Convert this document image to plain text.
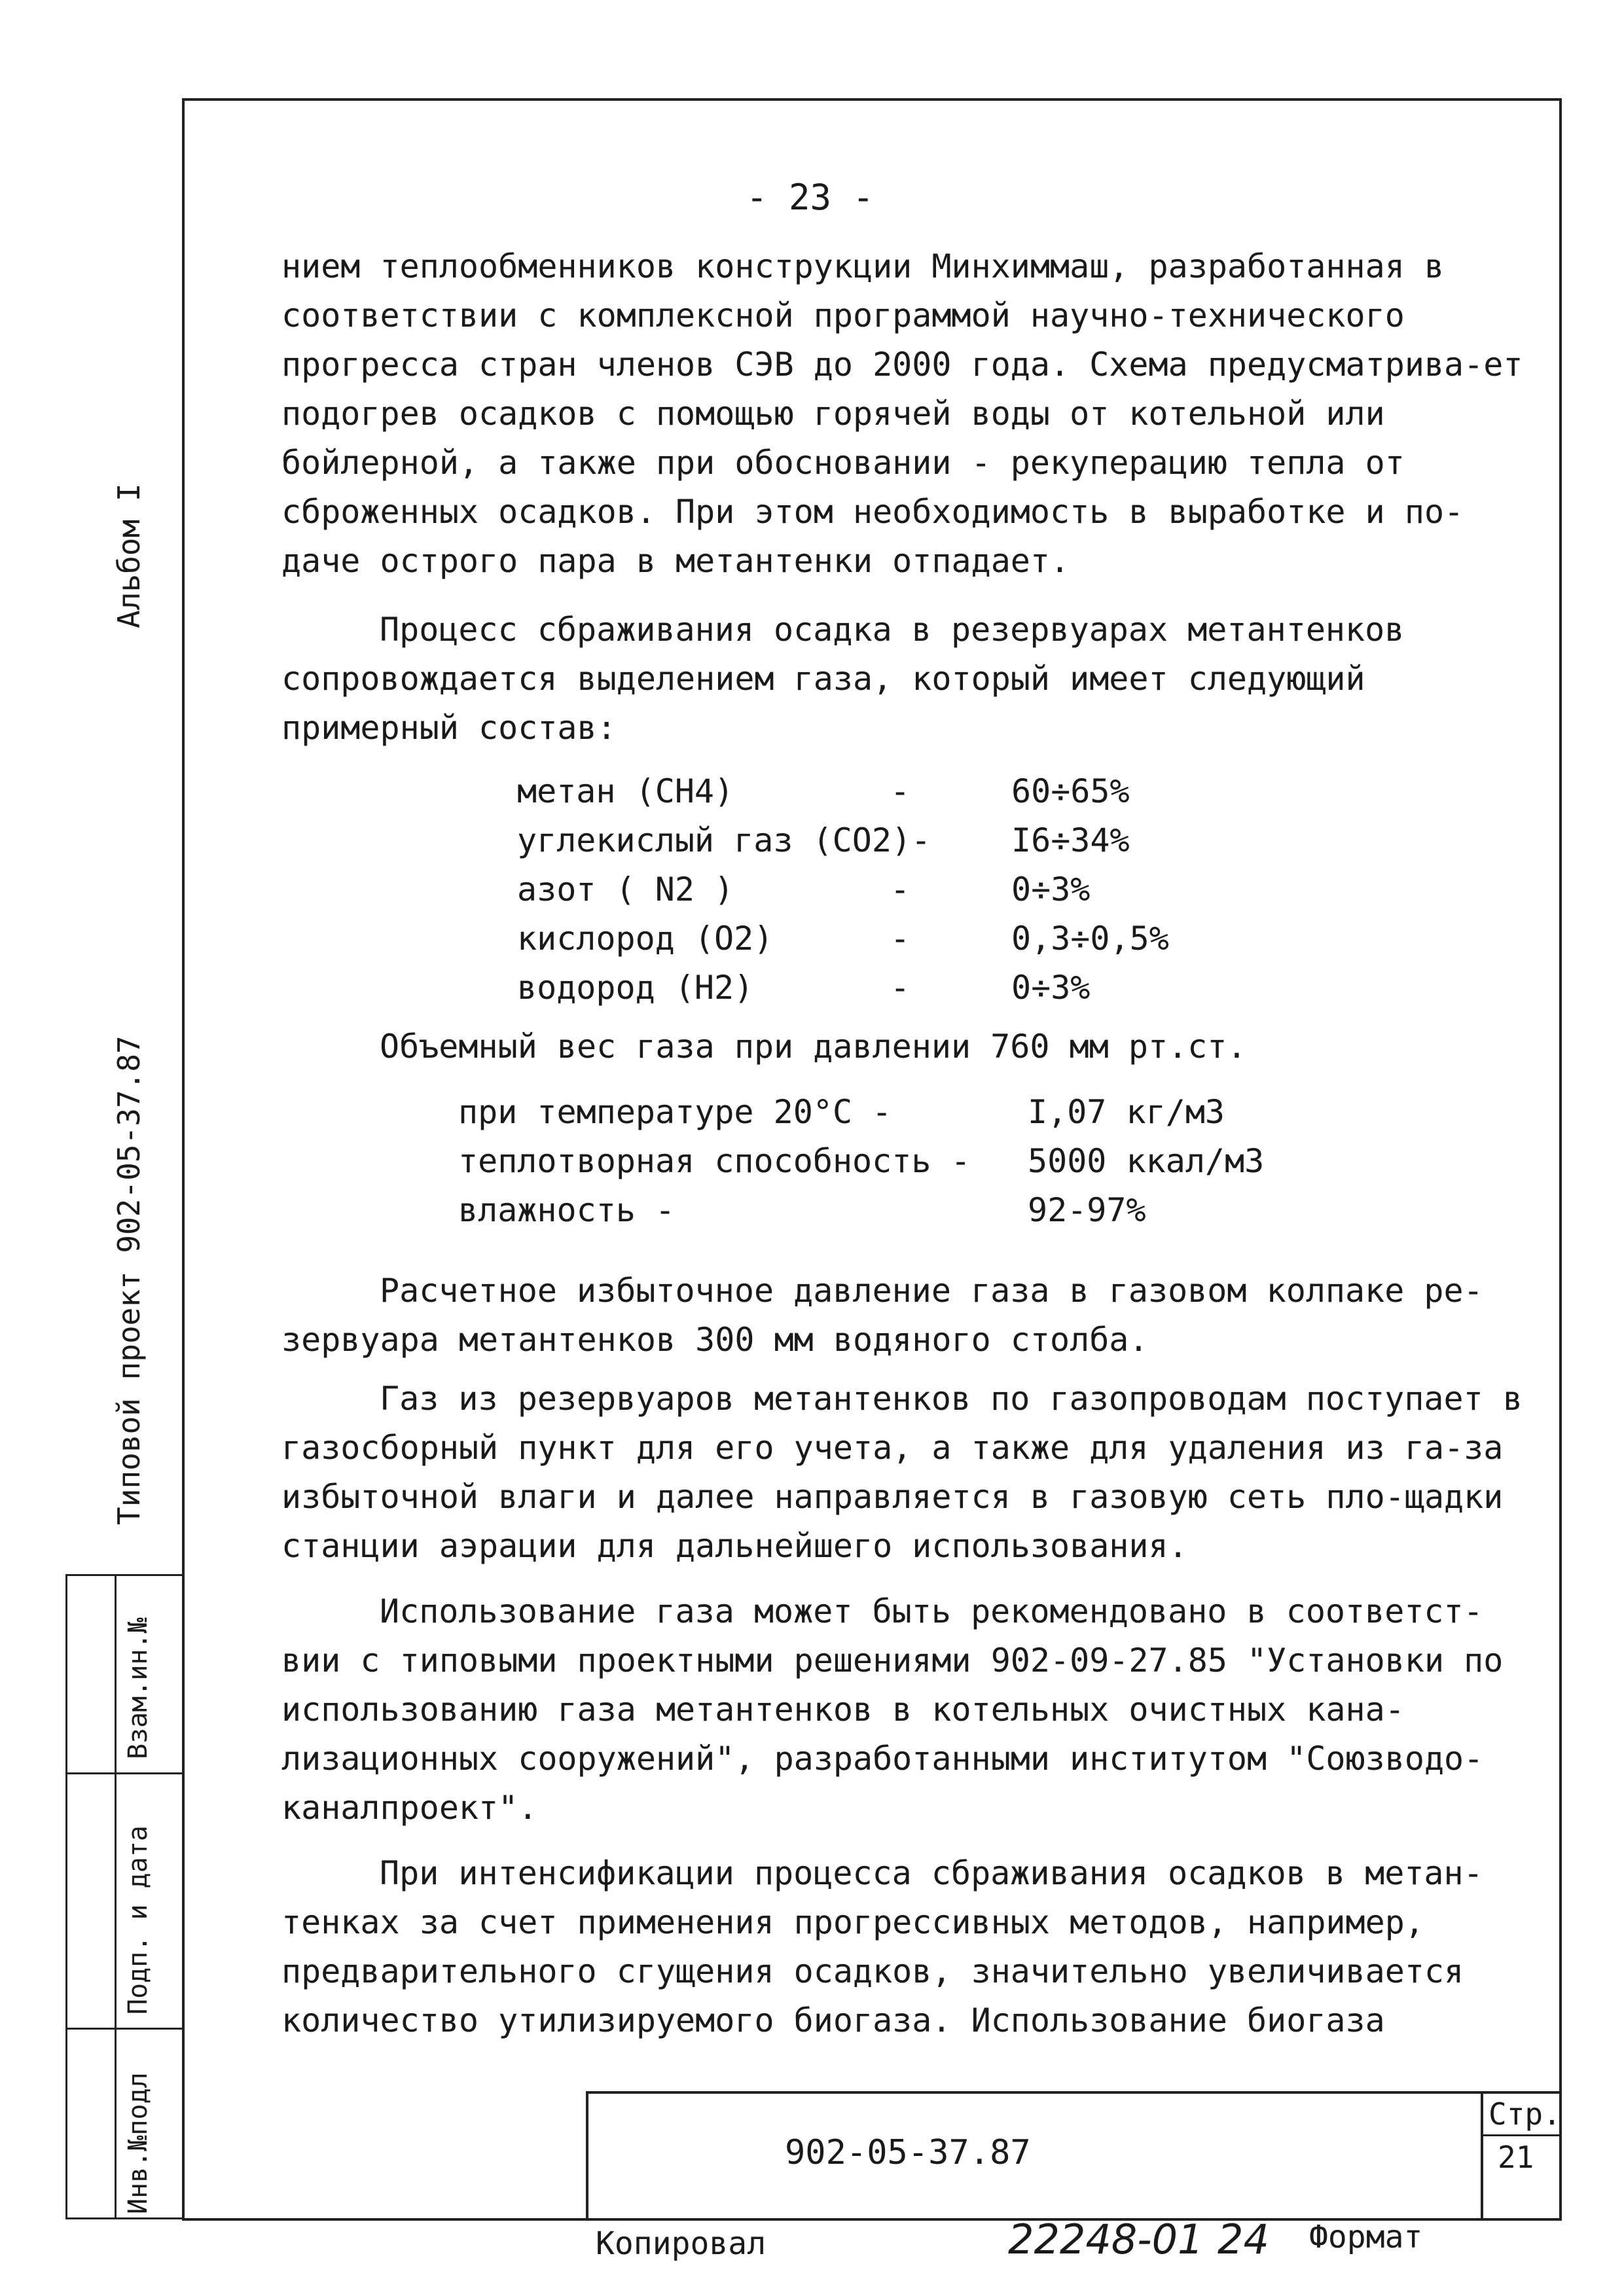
Альбом I
Типовой проект 902-05-37.87
Инв.№подл
Подп. и дата
Взам.ин.№
- 23 -

нием теплообменников конструкции Минхиммаш, разработанная в соответствии с комплексной программой научно-технического прогресса стран членов СЭВ до 2000 года. Схема предусматрива-ет подогрев осадков с помощью горячей воды от котельной или бойлерной, а также при обосновании - рекуперацию тепла от сброженных осадков. При этом необходимость в выработке и по-даче острого пара в метантенки отпадает.

Процесс сбраживания осадка в резервуарах метантенков сопровождается выделением газа, который имеет следующий примерный состав:

метан (CH4)	-	60÷65%
углекислый газ (CO2)- I6÷34%
азот ( N2 )	-	0÷3%
кислород (O2)	-	0,3÷0,5%
водород (H2)	-	0÷3%
Объемный вес газа при давлении 760 мм рт.ст.
при температуре 20°C -	I,07 кг/м3
теплотворная способность - 5000 ккал/м3
влажность -	92-97%

Расчетное избыточное давление газа в газовом колпаке ре-зервуара метантенков 300 мм водяного столба.

Газ из резервуаров метантенков по газопроводам поступает в газосборный пункт для его учета, а также для удаления из га-за избыточной влаги и далее направляется в газовую сеть пло-щадки станции аэрации для дальнейшего использования.

Использование газа может быть рекомендовано в соответст-вии с типовыми проектными решениями 902-09-27.85 "Установки по использованию газа метантенков в котельных очистных кана-лизационных сооружений", разработанными институтом "Союзводо-каналпроект".

При интенсификации процесса сбраживания осадков в метан-тенках за счет применения прогрессивных методов, например, предварительного сгущения осадков, значительно увеличивается количество утилизируемого биогаза. Использование биогаза

902-05-37.87
Стр.
21
Копировал	22248-01 24 Формат
